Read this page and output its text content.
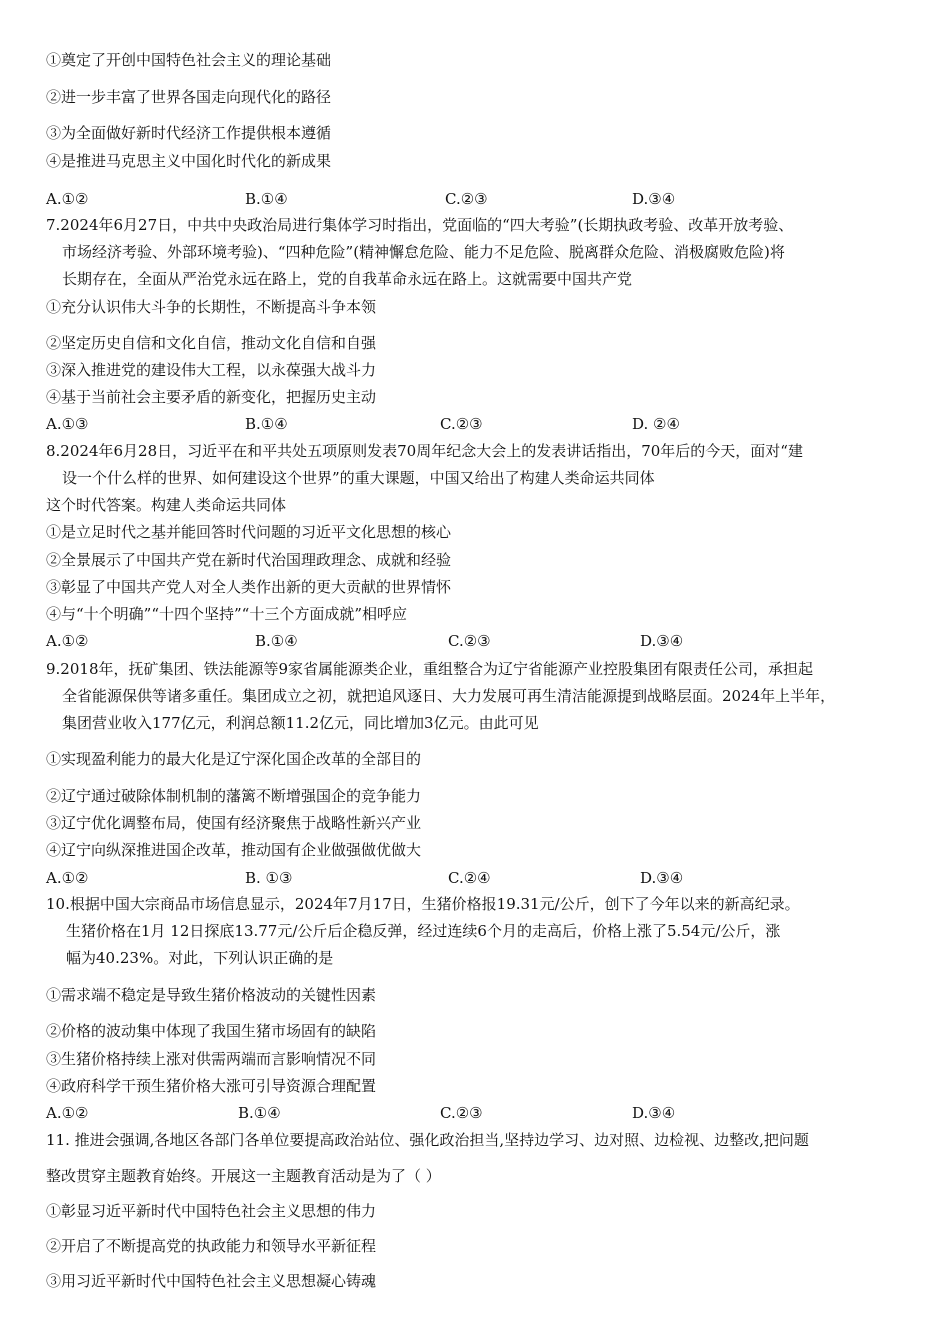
①奠定了开创中国特色社会主义的理论基础
②进一步丰富了世界各国走向现代化的路径
③为全面做好新时代经济工作提供根本遵循
④是推进马克思主义中国化时代化的新成果
A.①②	B.①④	C.②③	D.③④
7.2024年6月27日，中共中央政治局进行集体学习时指出，党面临的“四大考验”(长期执政考验、改革开放考验、
市场经济考验、外部环境考验)、“四种危险”(精神懈怠危险、能力不足危险、脱离群众危险、消极腐败危险)将
长期存在，全面从严治党永远在路上，党的自我革命永远在路上。这就需要中国共产党
①充分认识伟大斗争的长期性，不断提高斗争本领
②坚定历史自信和文化自信，推动文化自信和自强
③深入推进党的建设伟大工程，以永葆强大战斗力
④基于当前社会主要矛盾的新变化，把握历史主动
A.①③	B.①④	C.②③	D. ②④
8.2024年6月28日，习近平在和平共处五项原则发表70周年纪念大会上的发表讲话指出，70年后的今天，面对“建
设一个什么样的世界、如何建设这个世界”的重大课题，中国又给出了构建人类命运共同体
这个时代答案。构建人类命运共同体
①是立足时代之基并能回答时代问题的习近平文化思想的核心
②全景展示了中国共产党在新时代治国理政理念、成就和经验
③彰显了中国共产党人对全人类作出新的更大贡献的世界情怀
④与“十个明确”“十四个坚持”“十三个方面成就”相呼应
A.①②	B.①④	C.②③	D.③④
9.2018年，抚矿集团、铁法能源等9家省属能源类企业，重组整合为辽宁省能源产业控股集团有限责任公司，承担起
全省能源保供等诸多重任。集团成立之初，就把追风逐日、大力发展可再生清洁能源提到战略层面。2024年上半年，
集团营业收入177亿元，利润总额11.2亿元，同比增加3亿元。由此可见
①实现盈利能力的最大化是辽宁深化国企改革的全部目的
②辽宁通过破除体制机制的藩篱不断增强国企的竞争能力
③辽宁优化调整布局，使国有经济聚焦于战略性新兴产业
④辽宁向纵深推进国企改革，推动国有企业做强做优做大
A.①②	B. ①③	C.②④	D.③④
10.根据中国大宗商品市场信息显示，2024年7月17日，生猪价格报19.31元/公斤，创下了今年以来的新高纪录。
生猪价格在1月 12日探底13.77元/公斤后企稳反弹，经过连续6个月的走高后，价格上涨了5.54元/公斤，涨
幅为40.23%。对此，下列认识正确的是
①需求端不稳定是导致生猪价格波动的关键性因素
②价格的波动集中体现了我国生猪市场固有的缺陷
③生猪价格持续上涨对供需两端而言影响情况不同
④政府科学干预生猪价格大涨可引导资源合理配置
A.①②	B.①④	C.②③	D.③④
11. 推进会强调,各地区各部门各单位要提高政治站位、强化政治担当,坚持边学习、边对照、边检视、边整改,把问题
整改贯穿主题教育始终。开展这一主题教育活动是为了（ ）
①彰显习近平新时代中国特色社会主义思想的伟力
②开启了不断提高党的执政能力和领导水平新征程
③用习近平新时代中国特色社会主义思想凝心铸魂
